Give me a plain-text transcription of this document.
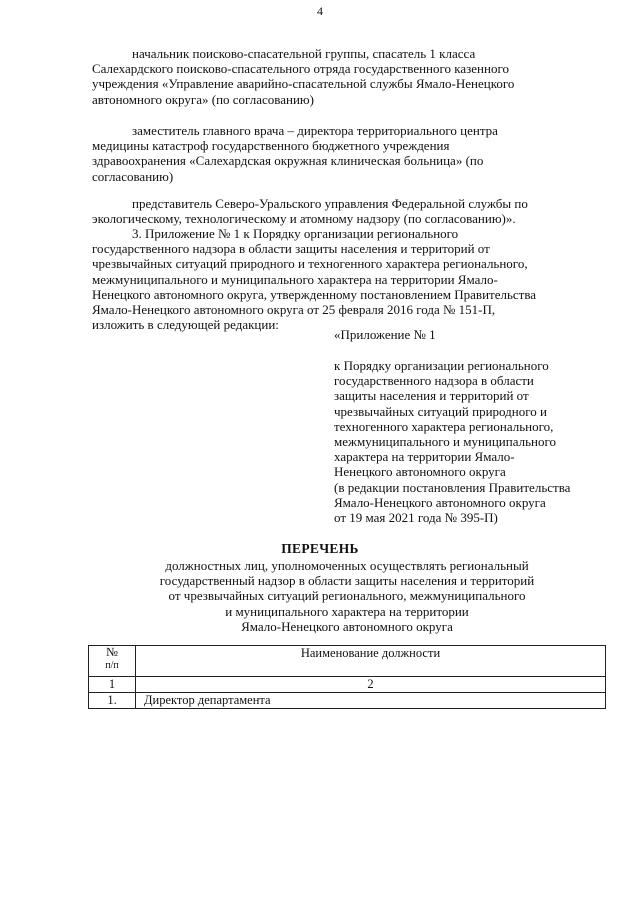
4
начальник поисково-спасательной группы, спасатель 1 класса
Салехардского поисково-спасательного отряда государственного казенного
учреждения «Управление аварийно-спасательной службы Ямало-Ненецкого
автономного округа» (по согласованию)
заместитель главного врача – директора территориального центра
медицины катастроф государственного бюджетного учреждения
здравоохранения «Салехардская окружная клиническая больница» (по
согласованию)
представитель Северо-Уральского управления Федеральной службы по
экологическому, технологическому и атомному надзору (по согласованию)».
3. Приложение № 1 к Порядку организации регионального
государственного надзора в области защиты населения и территорий от
чрезвычайных ситуаций природного и техногенного характера регионального,
межмуниципального и муниципального характера на территории Ямало-
Ненецкого автономного округа, утвержденному постановлением Правительства
Ямало-Ненецкого автономного округа от 25 февраля 2016 года № 151-П,
изложить в следующей редакции:
«Приложение № 1
к Порядку организации регионального
государственного надзора в области
защиты населения и территорий от
чрезвычайных ситуаций природного и
техногенного характера регионального,
межмуниципального и муниципального
характера на территории Ямало-
Ненецкого автономного округа
(в редакции постановления Правительства
Ямало-Ненецкого автономного округа
от 19 мая 2021 года № 395-П)
ПЕРЕЧЕНЬ
должностных лиц, уполномоченных осуществлять региональный
государственный надзор в области защиты населения и территорий
от чрезвычайных ситуаций регионального, межмуниципального
и муниципального характера на территории
Ямало-Ненецкого автономного округа
№
п/п	Наименование должности
1	2
1.	Директор департамента
